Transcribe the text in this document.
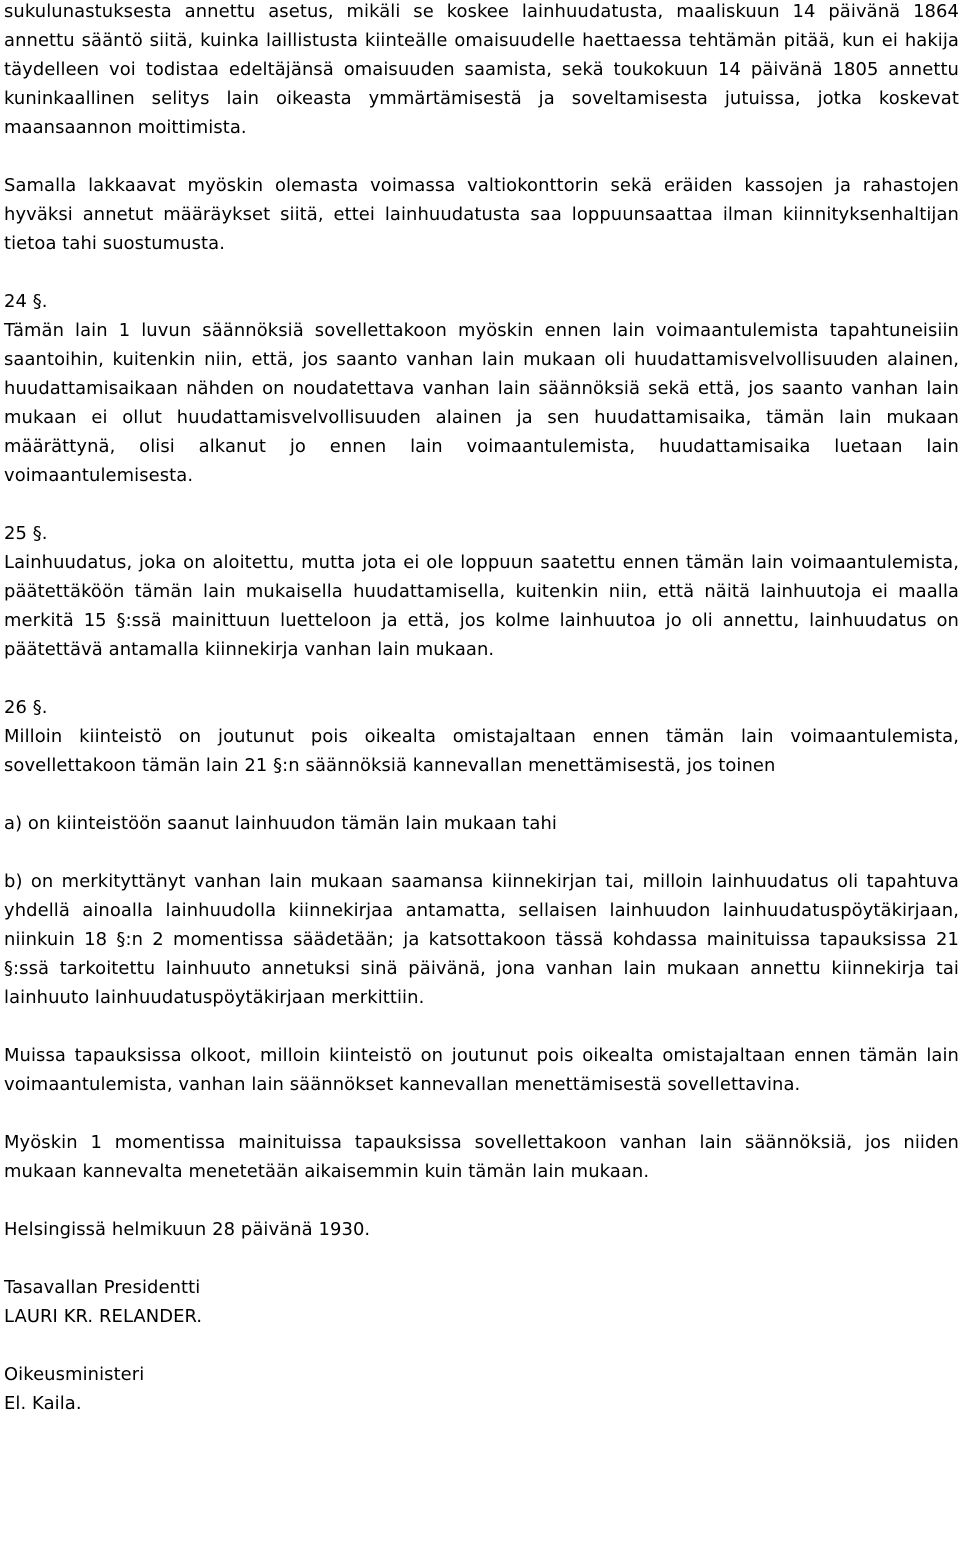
sukulunastuksesta annettu asetus, mikäli se koskee lainhuudatusta, maaliskuun 14 päivänä 1864 annettu sääntö siitä, kuinka laillistusta kiinteälle omaisuudelle haettaessa tehtämän pitää, kun ei hakija täydelleen voi todistaa edeltäjänsä omaisuuden saamista, sekä toukokuun 14 päivänä 1805 annettu kuninkaallinen selitys lain oikeasta ymmärtämisestä ja soveltamisesta jutuissa, jotka koskevat maansaannon moittimista.

Samalla lakkaavat myöskin olemasta voimassa valtiokonttorin sekä eräiden kassojen ja rahastojen hyväksi annetut määräykset siitä, ettei lainhuudatusta saa loppuunsaattaa ilman kiinnityksenhaltijan tietoa tahi suostumusta.

24 §.

Tämän lain 1 luvun säännöksiä sovellettakoon myöskin ennen lain voimaantulemista tapahtuneisiin saantoihin, kuitenkin niin, että, jos saanto vanhan lain mukaan oli huudattamisvelvollisuuden alainen, huudattamisaikaan nähden on noudatettava vanhan lain säännöksiä sekä että, jos saanto vanhan lain mukaan ei ollut huudattamisvelvollisuuden alainen ja sen huudattamisaika, tämän lain mukaan määrättynä, olisi alkanut jo ennen lain voimaantulemista, huudattamisaika luetaan lain voimaantulemisesta.

25 §.

Lainhuudatus, joka on aloitettu, mutta jota ei ole loppuun saatettu ennen tämän lain voimaantulemista, päätettäköön tämän lain mukaisella huudattamisella, kuitenkin niin, että näitä lainhuutoja ei maalla merkitä 15 §:ssä mainittuun luetteloon ja että, jos kolme lainhuutoa jo oli annettu, lainhuudatus on päätettävä antamalla kiinnekirja vanhan lain mukaan.

26 §.

Milloin kiinteistö on joutunut pois oikealta omistajaltaan ennen tämän lain voimaantulemista, sovellettakoon tämän lain 21 §:n säännöksiä kannevallan menettämisestä, jos toinen

a) on kiinteistöön saanut lainhuudon tämän lain mukaan tahi

b) on merkityttänyt vanhan lain mukaan saamansa kiinnekirjan tai, milloin lainhuudatus oli tapahtuva yhdellä ainoalla lainhuudolla kiinnekirjaa antamatta, sellaisen lainhuudon lainhuudatuspöytäkirjaan, niinkuin 18 §:n 2 momentissa säädetään; ja katsottakoon tässä kohdassa mainituissa tapauksissa 21 §:ssä tarkoitettu lainhuuto annetuksi sinä päivänä, jona vanhan lain mukaan annettu kiinnekirja tai lainhuuto lainhuudatuspöytäkirjaan merkittiin.

Muissa tapauksissa olkoot, milloin kiinteistö on joutunut pois oikealta omistajaltaan ennen tämän lain voimaantulemista, vanhan lain säännökset kannevallan menettämisestä sovellettavina.

Myöskin 1 momentissa mainituissa tapauksissa sovellettakoon vanhan lain säännöksiä, jos niiden mukaan kannevalta menetetään aikaisemmin kuin tämän lain mukaan.

Helsingissä helmikuun 28 päivänä 1930.

Tasavallan Presidentti

LAURI KR. RELANDER.

Oikeusministeri

El. Kaila.
